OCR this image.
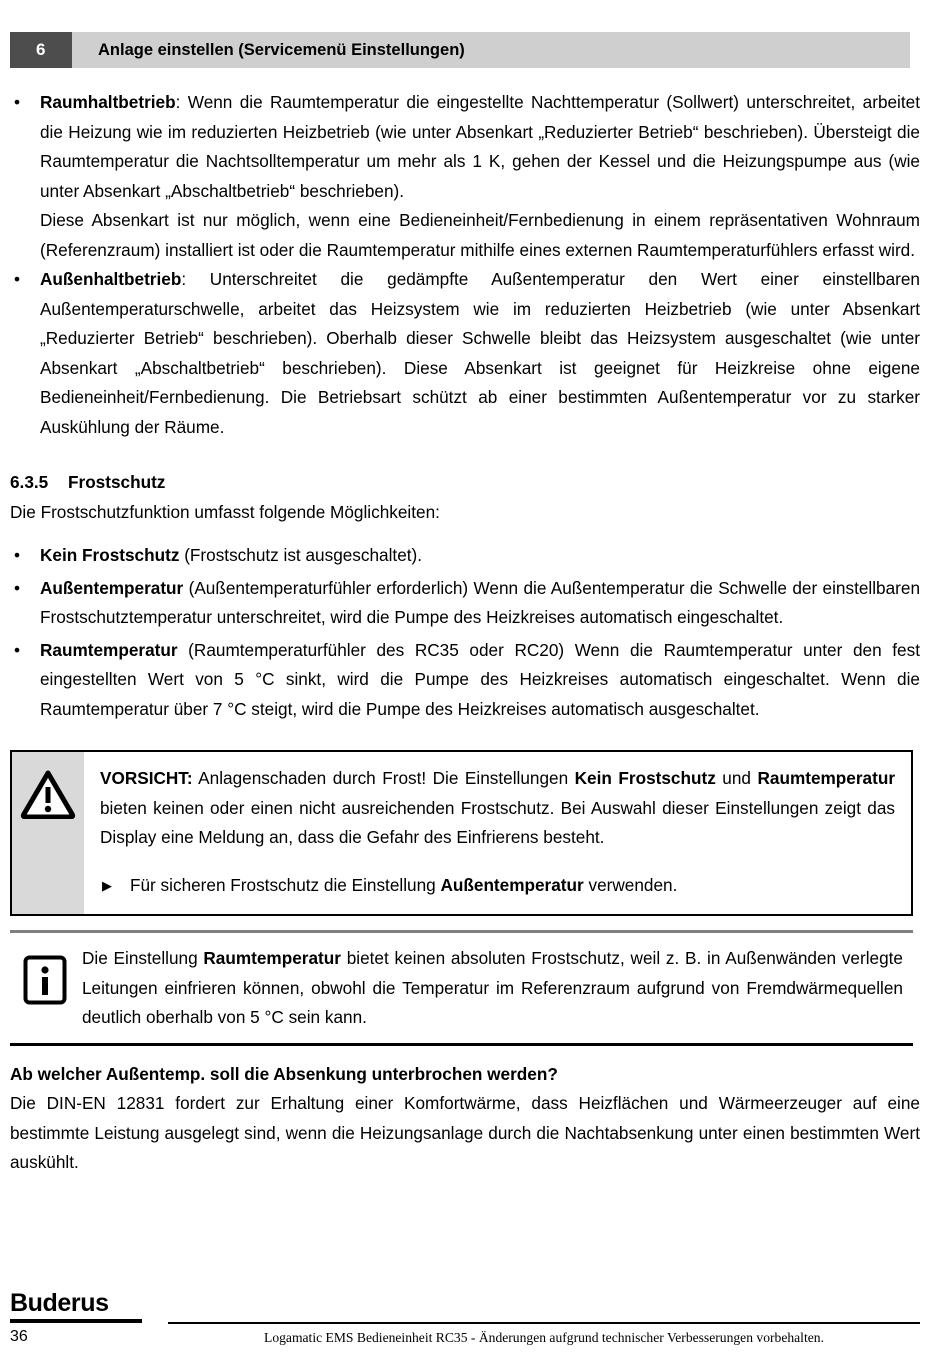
6	Anlage einstellen (Servicemenü Einstellungen)
• Raumhaltbetrieb: Wenn die Raumtemperatur die eingestellte Nachttemperatur (Sollwert) unterschreitet, arbeitet die Heizung wie im reduzierten Heizbetrieb (wie unter Absenkart „Reduzierter Betrieb“ beschrieben). Übersteigt die Raumtemperatur die Nachtsolltemperatur um mehr als 1 K, gehen der Kessel und die Heizungspumpe aus (wie unter Absenkart „Abschaltbetrieb“ beschrieben).
Diese Absenkart ist nur möglich, wenn eine Bedieneinheit/Fernbedienung in einem repräsentativen Wohnraum (Referenzraum) installiert ist oder die Raumtemperatur mithilfe eines externen Raumtemperaturfühlers erfasst wird.
• Außenhaltbetrieb: Unterschreitet die gedämpfte Außentemperatur den Wert einer einstellbaren Außentemperaturschwelle, arbeitet das Heizsystem wie im reduzierten Heizbetrieb (wie unter Absenkart „Reduzierter Betrieb“ beschrieben). Oberhalb dieser Schwelle bleibt das Heizsystem ausgeschaltet (wie unter Absenkart „Abschaltbetrieb“ beschrieben). Diese Absenkart ist geeignet für Heizkreise ohne eigene Bedieneinheit/Fernbedienung. Die Betriebsart schützt ab einer bestimmten Außentemperatur vor zu starker Auskühlung der Räume.
6.3.5	Frostschutz
Die Frostschutzfunktion umfasst folgende Möglichkeiten:
• Kein Frostschutz (Frostschutz ist ausgeschaltet).
• Außentemperatur (Außentemperaturfühler erforderlich) Wenn die Außentemperatur die Schwelle der einstellbaren Frostschutztemperatur unterschreitet, wird die Pumpe des Heizkreises automatisch eingeschaltet.
• Raumtemperatur (Raumtemperaturfühler des RC35 oder RC20) Wenn die Raumtemperatur unter den fest eingestellten Wert von 5 °C sinkt, wird die Pumpe des Heizkreises automatisch eingeschaltet. Wenn die Raumtemperatur über 7 °C steigt, wird die Pumpe des Heizkreises automatisch ausgeschaltet.

VORSICHT: Anlagenschaden durch Frost! Die Einstellungen Kein Frostschutz und Raumtemperatur bieten keinen oder einen nicht ausreichenden Frostschutz. Bei Auswahl dieser Einstellungen zeigt das Display eine Meldung an, dass die Gefahr des Einfrierens besteht.

▶ Für sicheren Frostschutz die Einstellung Außentemperatur verwenden.

Die Einstellung Raumtemperatur bietet keinen absoluten Frostschutz, weil z. B. in Außenwänden verlegte Leitungen einfrieren können, obwohl die Temperatur im Referenzraum aufgrund von Fremdwärmequellen deutlich oberhalb von 5 °C sein kann.

Ab welcher Außentemp. soll die Absenkung unterbrochen werden?
Die DIN-EN 12831 fordert zur Erhaltung einer Komfortwärme, dass Heizflächen und Wärmeerzeuger auf eine bestimmte Leistung ausgelegt sind, wenn die Heizungsanlage durch die Nachtabsenkung unter einen bestimmten Wert auskühlt.
Buderus
36	Logamatic EMS Bedieneinheit RC35 - Änderungen aufgrund technischer Verbesserungen vorbehalten.
